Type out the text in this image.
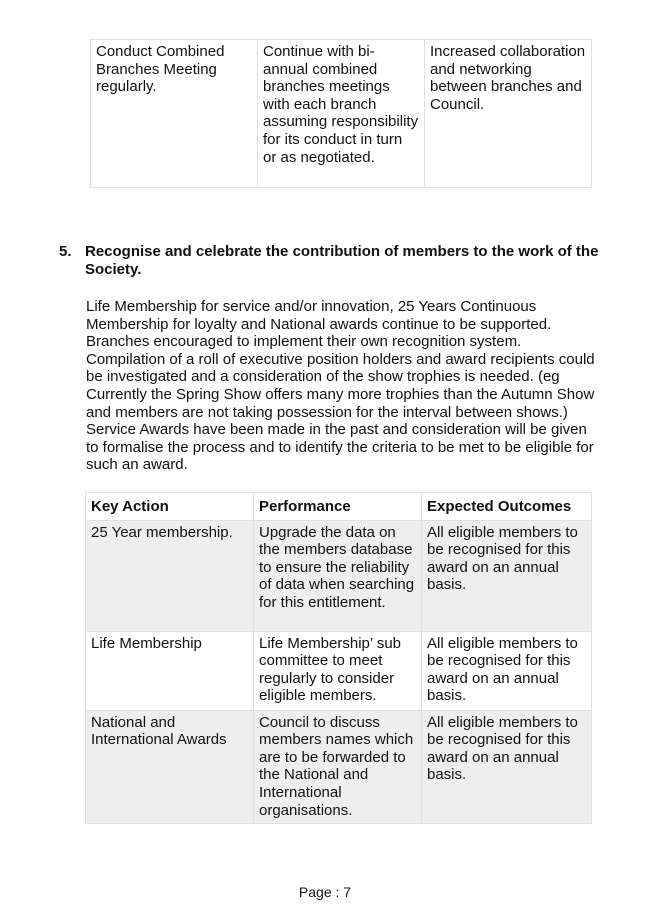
Conduct Combined Branches Meeting regularly.	Continue with bi-annual combined branches meetings with each branch assuming responsibility for its conduct in turn or as negotiated.	Increased collaboration and networking between branches and Council.
5. Recognise and celebrate the contribution of members to the work of the Society.
Life Membership for service and/or innovation, 25 Years Continuous Membership for loyalty and National awards continue to be supported. Branches encouraged to implement their own recognition system. Compilation of a roll of executive position holders and award recipients could be investigated and a consideration of the show trophies is needed. (eg Currently the Spring Show offers many more trophies than the Autumn Show and members are not taking possession for the interval between shows.) Service Awards have been made in the past and consideration will be given to formalise the process and to identify the criteria to be met to be eligible for such an award.
Key Action	Performance	Expected Outcomes
25 Year membership.	Upgrade the data on the members database to ensure the reliability of data when searching for this entitlement.	All eligible members to be recognised for this award on an annual basis.
Life Membership	Life Membership’ sub committee to meet regularly to consider eligible members.	All eligible members to be recognised for this award on an annual basis.
National and International Awards	Council to discuss members names which are to be forwarded to the National and International organisations.	All eligible members to be recognised for this award on an annual basis.
Page : 7
